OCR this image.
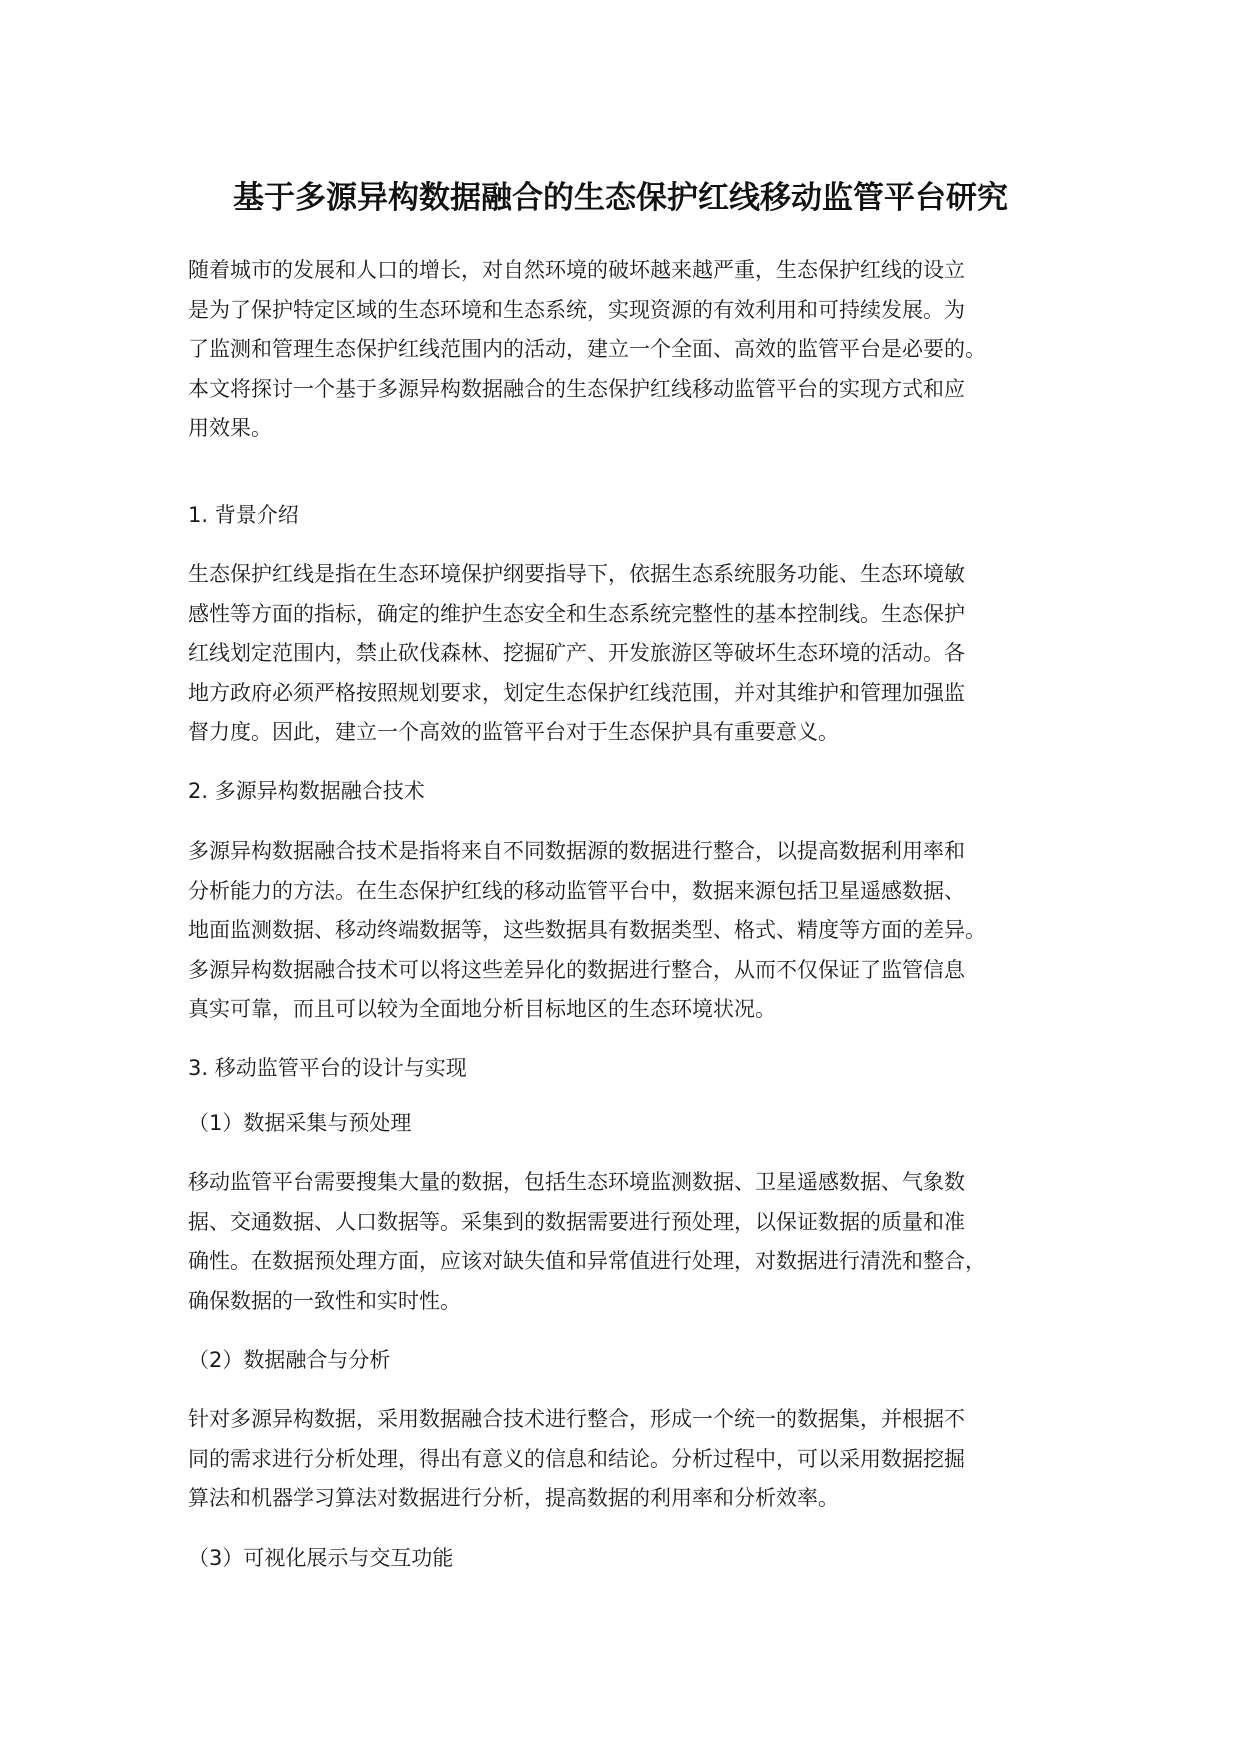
基于多源异构数据融合的生态保护红线移动监管平台研究

随着城市的发展和人口的增长，对自然环境的破坏越来越严重，生态保护红线的设立
是为了保护特定区域的生态环境和生态系统，实现资源的有效利用和可持续发展。为
了监测和管理生态保护红线范围内的活动，建立一个全面、高效的监管平台是必要的。
本文将探讨一个基于多源异构数据融合的生态保护红线移动监管平台的实现方式和应
用效果。

1. 背景介绍

生态保护红线是指在生态环境保护纲要指导下，依据生态系统服务功能、生态环境敏
感性等方面的指标，确定的维护生态安全和生态系统完整性的基本控制线。生态保护
红线划定范围内，禁止砍伐森林、挖掘矿产、开发旅游区等破坏生态环境的活动。各
地方政府必须严格按照规划要求，划定生态保护红线范围，并对其维护和管理加强监
督力度。因此，建立一个高效的监管平台对于生态保护具有重要意义。

2. 多源异构数据融合技术

多源异构数据融合技术是指将来自不同数据源的数据进行整合，以提高数据利用率和
分析能力的方法。在生态保护红线的移动监管平台中，数据来源包括卫星遥感数据、
地面监测数据、移动终端数据等，这些数据具有数据类型、格式、精度等方面的差异。
多源异构数据融合技术可以将这些差异化的数据进行整合，从而不仅保证了监管信息
真实可靠，而且可以较为全面地分析目标地区的生态环境状况。

3. 移动监管平台的设计与实现
（1）数据采集与预处理

移动监管平台需要搜集大量的数据，包括生态环境监测数据、卫星遥感数据、气象数
据、交通数据、人口数据等。采集到的数据需要进行预处理，以保证数据的质量和准
确性。在数据预处理方面，应该对缺失值和异常值进行处理，对数据进行清洗和整合，
确保数据的一致性和实时性。

（2）数据融合与分析

针对多源异构数据，采用数据融合技术进行整合，形成一个统一的数据集，并根据不
同的需求进行分析处理，得出有意义的信息和结论。分析过程中，可以采用数据挖掘
算法和机器学习算法对数据进行分析，提高数据的利用率和分析效率。

（3）可视化展示与交互功能
